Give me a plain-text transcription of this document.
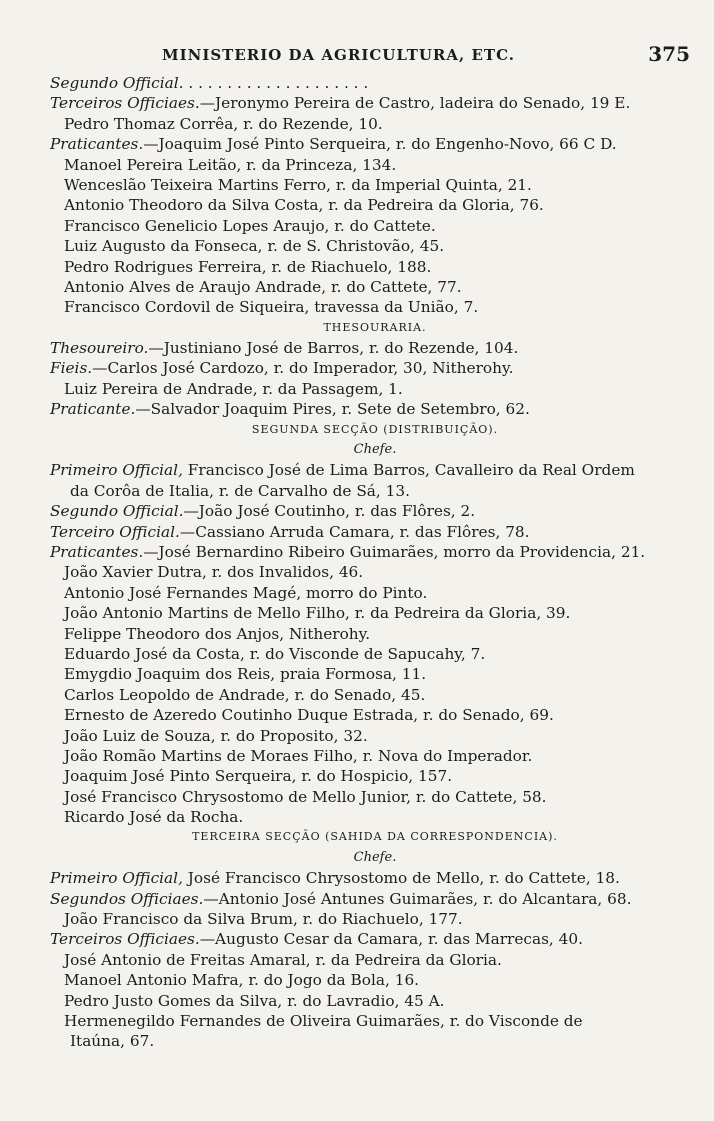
MINISTERIO DA AGRICULTURA, ETC.	375
Segundo Official. . . . . . . . . . . . . . . . . . . .
Terceiros Officiaes.—Jeronymo Pereira de Castro, ladeira do Senado, 19 E.
Pedro Thomaz Corrêa, r. do Rezende, 10.
Praticantes.—Joaquim José Pinto Serqueira, r. do Engenho-Novo, 66 C D.
Manoel Pereira Leitão, r. da Princeza, 134.
Wenceslão Teixeira Martins Ferro, r. da Imperial Quinta, 21.
Antonio Theodoro da Silva Costa, r. da Pedreira da Gloria, 76.
Francisco Genelicio Lopes Araujo, r. do Cattete.
Luiz Augusto da Fonseca, r. de S. Christovão, 45.
Pedro Rodrigues Ferreira, r. de Riachuelo, 188.
Antonio Alves de Araujo Andrade, r. do Cattete, 77.
Francisco Cordovil de Siqueira, travessa da União, 7.
THESOURARIA.
Thesoureiro.—Justiniano José de Barros, r. do Rezende, 104.
Fieis.—Carlos José Cardozo, r. do Imperador, 30, Nitherohy.
Luiz Pereira de Andrade, r. da Passagem, 1.
Praticante.—Salvador Joaquim Pires, r. Sete de Setembro, 62.
SEGUNDA SECÇÃO (DISTRIBUIÇÃO).
Chefe.
Primeiro Official, Francisco José de Lima Barros, Cavalleiro da Real Ordem
da Corôa de Italia, r. de Carvalho de Sá, 13.
Segundo Official.—João José Coutinho, r. das Flôres, 2.
Terceiro Official.—Cassiano Arruda Camara, r. das Flôres, 78.
Praticantes.—José Bernardino Ribeiro Guimarães, morro da Providencia, 21.
João Xavier Dutra, r. dos Invalidos, 46.
Antonio José Fernandes Magé, morro do Pinto.
João Antonio Martins de Mello Filho, r. da Pedreira da Gloria, 39.
Felippe Theodoro dos Anjos, Nitherohy.
Eduardo José da Costa, r. do Visconde de Sapucahy, 7.
Emygdio Joaquim dos Reis, praia Formosa, 11.
Carlos Leopoldo de Andrade, r. do Senado, 45.
Ernesto de Azeredo Coutinho Duque Estrada, r. do Senado, 69.
João Luiz de Souza, r. do Proposito, 32.
João Romão Martins de Moraes Filho, r. Nova do Imperador.
Joaquim José Pinto Serqueira, r. do Hospicio, 157.
José Francisco Chrysostomo de Mello Junior, r. do Cattete, 58.
Ricardo José da Rocha.
TERCEIRA SECÇÃO (SAHIDA DA CORRESPONDENCIA).
Chefe.
Primeiro Official, José Francisco Chrysostomo de Mello, r. do Cattete, 18.
Segundos Officiaes.—Antonio José Antunes Guimarães, r. do Alcantara, 68.
João Francisco da Silva Brum, r. do Riachuelo, 177.
Terceiros Officiaes.—Augusto Cesar da Camara, r. das Marrecas, 40.
José Antonio de Freitas Amaral, r. da Pedreira da Gloria.
Manoel Antonio Mafra, r. do Jogo da Bola, 16.
Pedro Justo Gomes da Silva, r. do Lavradio, 45 A.
Hermenegildo Fernandes de Oliveira Guimarães, r. do Visconde de
Itaúna, 67.
